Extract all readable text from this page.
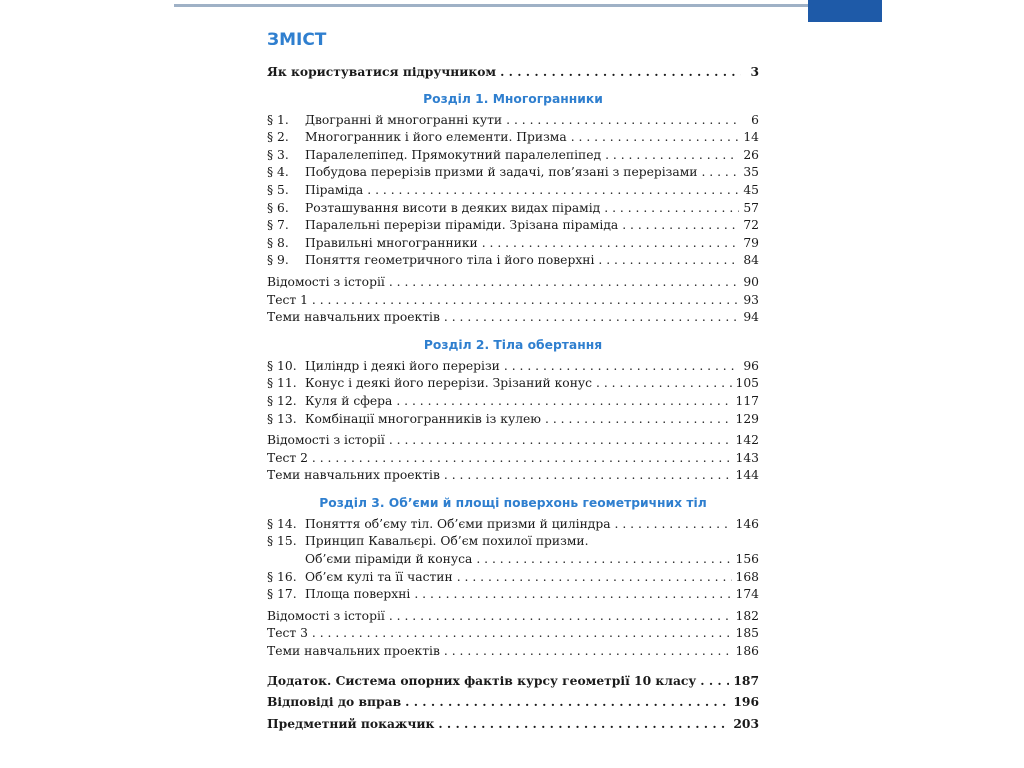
ЗМІСТ
Як користуватися підручником . . .	3
Розділ 1. Многогранники
§ 1.	Двогранні й многогранні кути . . .	6
§ 2.	Многогранник і його елементи. Призма . . .	14
§ 3.	Паралелепіпед. Прямокутний паралелепіпед . . .	26
§ 4.	Побудова перерізів призми й задачі, пов’язані з перерізами . . .	35
§ 5.	Піраміда . . .	45
§ 6.	Розташування висоти в деяких видах пірамід . . .	57
§ 7.	Паралельні перерізи піраміди. Зрізана піраміда . . .	72
§ 8.	Правильні многогранники . . .	79
§ 9.	Поняття геометричного тіла і його поверхні . . .	84
Відомості з історії . . .	90
Тест 1 . . .	93
Теми навчальних проектів . . .	94
Розділ 2. Тіла обертання
§ 10. Циліндр і деякі його перерізи . . .	96
§ 11. Конус і деякі його перерізи. Зрізаний конус . . .	105
§ 12. Куля й сфера . . .	117
§ 13. Комбінації многогранників із кулею . . .	129
Відомості з історії . . .	142
Тест 2 . . .	143
Теми навчальних проектів . . .	144
Розділ 3. Об’єми й площі поверхонь геометричних тіл
§ 14. Поняття об’єму тіл. Об’єми призми й циліндра . . .	146
§ 15. Принцип Кавальєрі. Об’єм похилої призми.
Об’єми піраміди й конуса . . .	156
§ 16. Об’єм кулі та її частин . . .	168
§ 17. Площа поверхні . . .	174
Відомості з історії . . .	182
Тест 3 . . .	185
Теми навчальних проектів . . .	186
Додаток. Система опорних фактів курсу геометрії 10 класу . . .	187
Відповіді до вправ . . .	196
Предметний покажчик . . .	203
